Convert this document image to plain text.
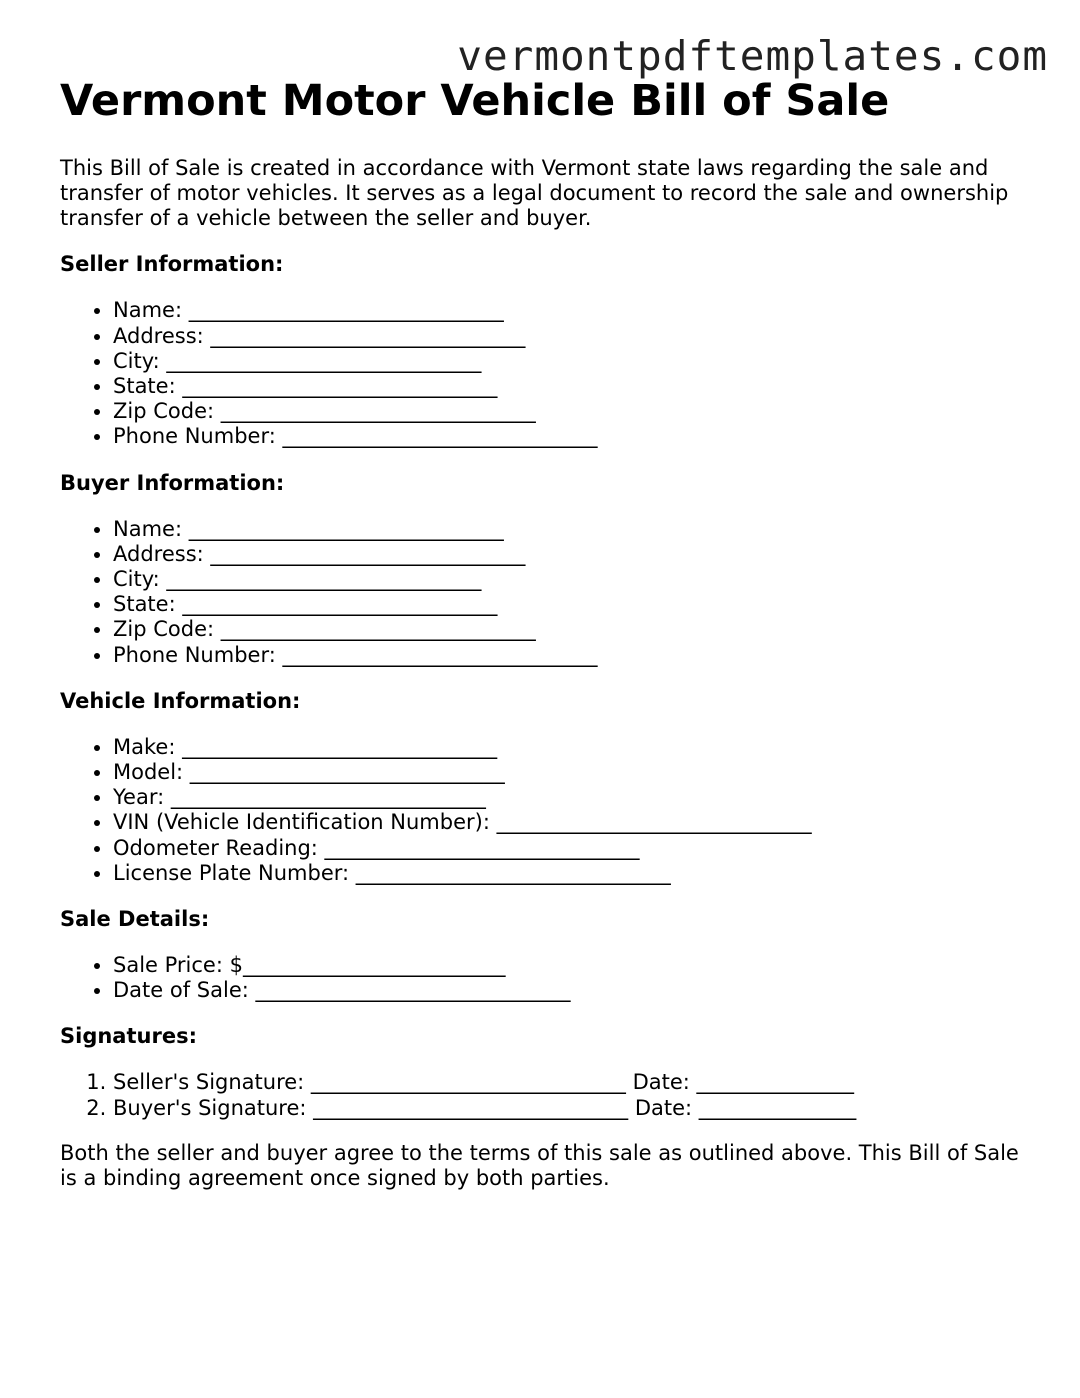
vermontpdftemplates.com
Vermont Motor Vehicle Bill of Sale

This Bill of Sale is created in accordance with Vermont state laws regarding the sale and transfer of motor vehicles. It serves as a legal document to record the sale and ownership transfer of a vehicle between the seller and buyer.

Seller Information:
• Name: ______________________________
• Address: ______________________________
• City: ______________________________
• State: ______________________________
• Zip Code: ______________________________
• Phone Number: ______________________________
Buyer Information:
• Name: ______________________________
• Address: ______________________________
• City: ______________________________
• State: ______________________________
• Zip Code: ______________________________
• Phone Number: ______________________________
Vehicle Information:
• Make: ______________________________
• Model: ______________________________
• Year: ______________________________
• VIN (Vehicle Identification Number): ______________________________
• Odometer Reading: ______________________________
• License Plate Number: ______________________________
Sale Details:
• Sale Price: $_________________________
• Date of Sale: ______________________________
Signatures:
1. Seller's Signature: ______________________________ Date: _______________
2. Buyer's Signature: ______________________________ Date: _______________

Both the seller and buyer agree to the terms of this sale as outlined above. This Bill of Sale is a binding agreement once signed by both parties.
